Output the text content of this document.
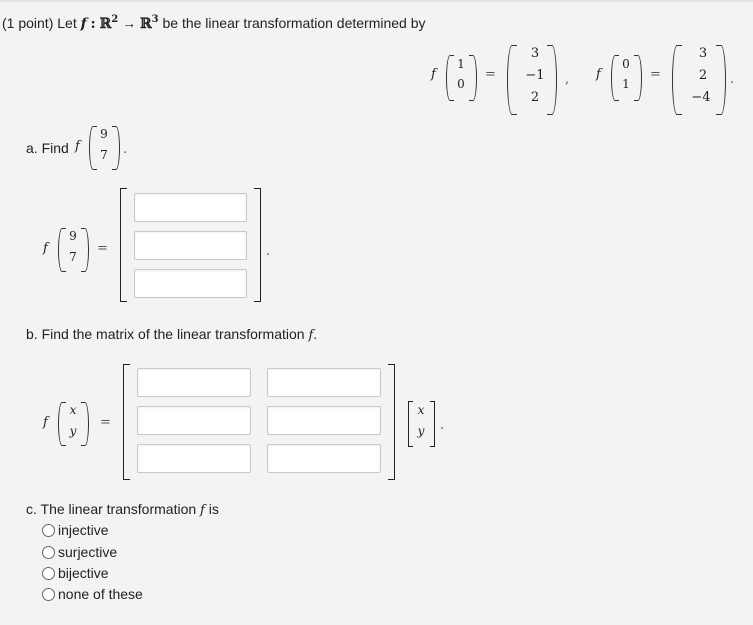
(1 point) Let f : ℝ$^2$ → ℝ$^3$ be the linear transformation determined by
f
1
0
=
3
−1
2
, f
0
1
=
3
2
−4
.
a. Find f
9
7 .
f
9
7
=	.
b. Find the matrix of the linear transformation f.
f
x
y
=
x
y .
c. The linear transformation f is
injective
surjective
bijective
none of these
